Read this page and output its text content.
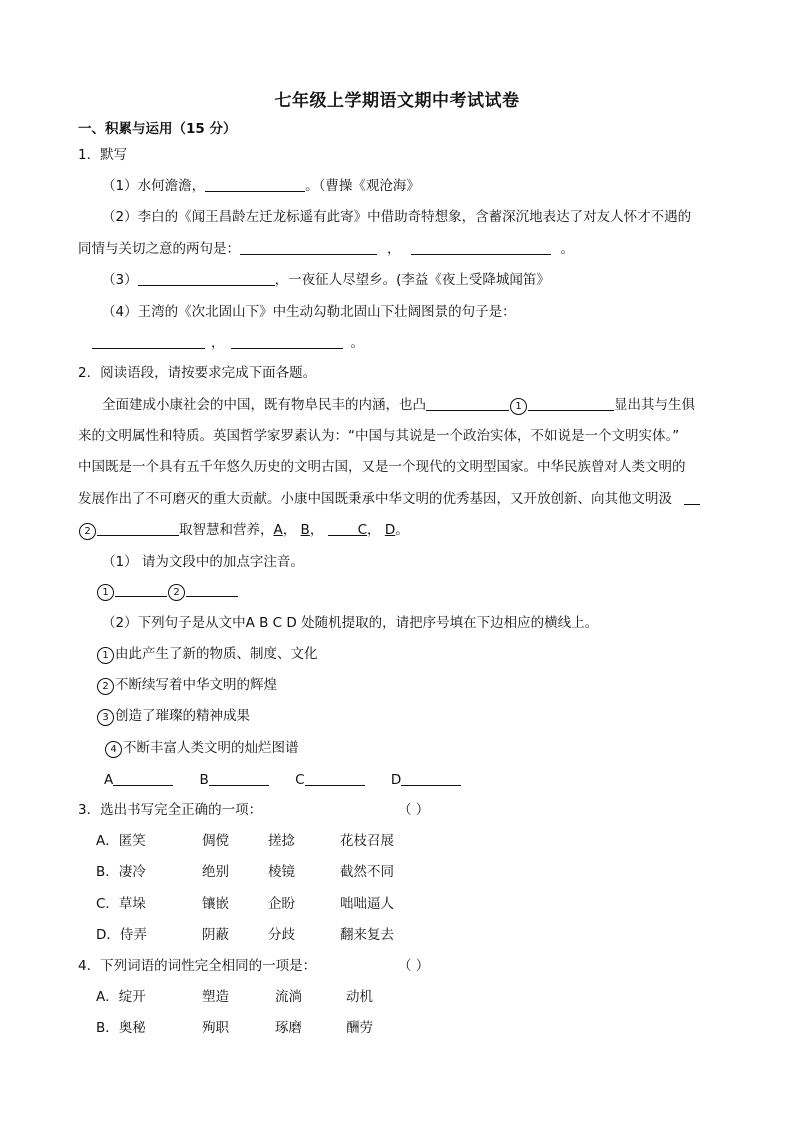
七年级上学期语文期中考试试卷
一、积累与运用（15 分）
1．默写
（1）水何澹澹，	。（曹操《观沧海》
（2）李白的《闻王昌龄左迁龙标遥有此寄》中借助奇特想象，含蓄深沉地表达了对友人怀才不遇的
同情与关切之意的两句是：	，	。
（3）	，一夜征人尽望乡。(李益《夜上受降城闻笛》
（4）王湾的《次北固山下》中生动勾勒北固山下壮阔图景的句子是：
，	。
2．阅读语段，请按要求完成下面各题。
全面建成小康社会的中国，既有物阜民丰的内涵，也凸	1	显出其与生俱
来的文明属性和特质。英国哲学家罗素认为：“中国与其说是一个政治实体，不如说是一个文明实体。”
中国既是一个具有五千年悠久历史的文明古国，又是一个现代的文明型国家。中华民族曾对人类文明的
发展作出了不可磨灭的重大贡献。小康中国既秉承中华文明的优秀基因，又开放创新、向其他文明汲
2	取智慧和营养，A， B， C， D。
（1） 请为文段中的加点字注音。
1	2
（2）下列句子是从文中A B C D 处随机提取的，请把序号填在下边相应的横线上。
1 由此产生了新的物质、制度、文化
2 不断续写着中华文明的辉煌
3 创造了璀璨的精神成果
4 不断丰富人类文明的灿烂图谱
A	B	C	D
3．选出书写完全正确的一项：	（ ）
A．匿笑	倜傥	搓捻	花枝召展
B．凄冷	绝别	棱镜	截然不同
C．草垛	镶嵌	企盼	咄咄逼人
D．侍弄	阴蔽	分歧	翻来复去
4．下列词语的词性完全相同的一项是：	（ ）
A．绽开	塑造	流淌	动机
B．奥秘	殉职	琢磨	酬劳
